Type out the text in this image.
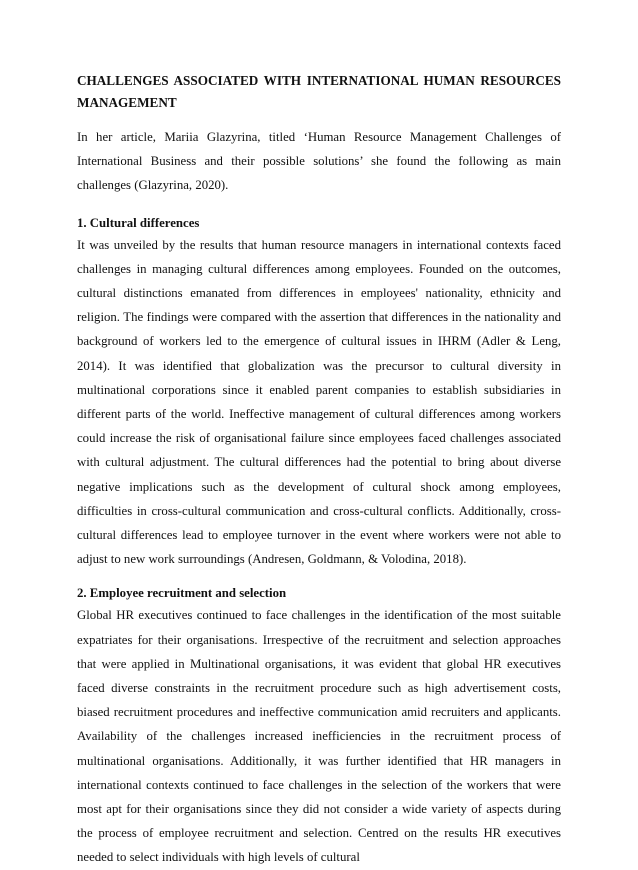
CHALLENGES ASSOCIATED WITH INTERNATIONAL HUMAN RESOURCES MANAGEMENT

In her article, Mariia Glazyrina, titled ‘Human Resource Management Challenges of International Business and their possible solutions’ she found the following as main challenges (Glazyrina, 2020).

1. Cultural differences

It was unveiled by the results that human resource managers in international contexts faced challenges in managing cultural differences among employees. Founded on the outcomes, cultural distinctions emanated from differences in employees' nationality, ethnicity and religion. The findings were compared with the assertion that differences in the nationality and background of workers led to the emergence of cultural issues in IHRM (Adler & Leng, 2014). It was identified that globalization was the precursor to cultural diversity in multinational corporations since it enabled parent companies to establish subsidiaries in different parts of the world. Ineffective management of cultural differences among workers could increase the risk of organisational failure since employees faced challenges associated with cultural adjustment. The cultural differences had the potential to bring about diverse negative implications such as the development of cultural shock among employees, difficulties in cross-cultural communication and cross-cultural conflicts. Additionally, cross-cultural differences lead to employee turnover in the event where workers were not able to adjust to new work surroundings (Andresen, Goldmann, & Volodina, 2018).

2. Employee recruitment and selection

Global HR executives continued to face challenges in the identification of the most suitable expatriates for their organisations. Irrespective of the recruitment and selection approaches that were applied in Multinational organisations, it was evident that global HR executives faced diverse constraints in the recruitment procedure such as high advertisement costs, biased recruitment procedures and ineffective communication amid recruiters and applicants. Availability of the challenges increased inefficiencies in the recruitment process of multinational organisations. Additionally, it was further identified that HR managers in international contexts continued to face challenges in the selection of the workers that were most apt for their organisations since they did not consider a wide variety of aspects during the process of employee recruitment and selection. Centred on the results HR executives needed to select individuals with high levels of cultural
